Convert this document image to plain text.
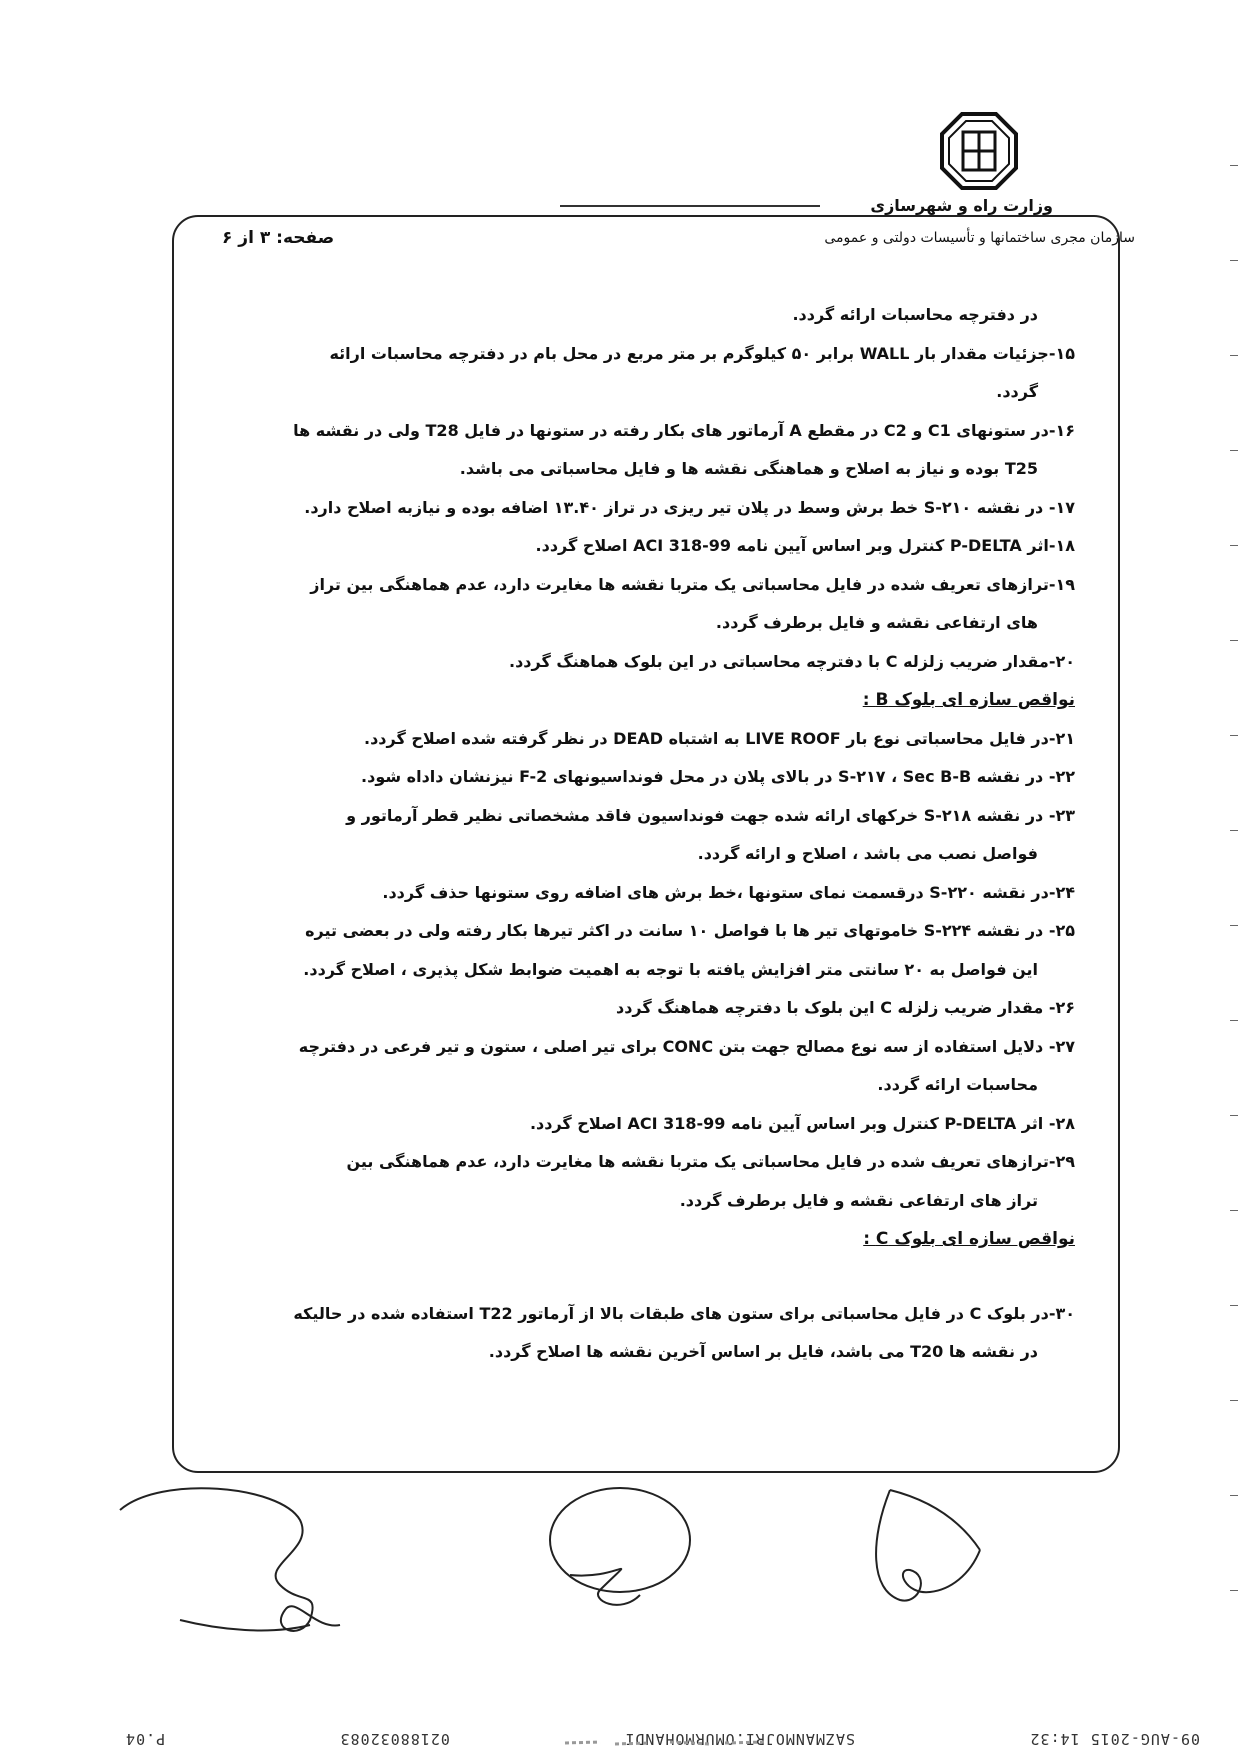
وزارت راه و شهرسازی
سازمان مجری ساختمانها و تأسیسات دولتی و عمومی
صفحه: ۳ از ۶

در دفترچه محاسبات ارائه گردد.

۱۵-جزئیات مقدار بار WALL برابر ۵۰ کیلوگرم بر متر مربع در محل بام در دفترچه محاسبات ارائه

گردد.

۱۶-در ستونهای C1 و C2 در مقطع A آرماتور های بکار رفته در ستونها در فایل T28 ولی در نقشه ها

T25 بوده و نیاز به اصلاح و هماهنگی نقشه ها و فایل محاسباتی می باشد.

۱۷- در نقشه S-۲۱۰ خط برش وسط در پلان تیر ریزی در تراز ۱۳.۴۰ اضافه بوده و نیازبه اصلاح دارد.

۱۸-اثر P-DELTA کنترل وبر اساس آیین نامه ACI 318-99 اصلاح گردد.

۱۹-ترازهای تعریف شده در فایل محاسباتی یک متربا نقشه ها مغایرت دارد، عدم هماهنگی بین تراز

های ارتفاعی نقشه و فایل برطرف گردد.

۲۰-مقدار ضریب زلزله C با دفترچه محاسباتی در این بلوک هماهنگ گردد.

نواقص سازه ای بلوک B :

۲۱-در فایل محاسباتی نوع بار LIVE ROOF به اشتباه DEAD در نظر گرفته شده اصلاح گردد.

۲۲- در نقشه S-۲۱۷ ، Sec B-B در بالای پلان در محل فونداسیونهای F-2 نیزنشان داداه شود.

۲۳- در نقشه S-۲۱۸ خرکهای ارائه شده جهت فونداسیون فاقد مشخصاتی نظیر قطر آرماتور و

فواصل نصب می باشد ، اصلاح و ارائه گردد.

۲۴-در نقشه S-۲۲۰ درقسمت نمای ستونها ،خط برش های اضافه روی ستونها حذف گردد.

۲۵- در نقشه S-۲۲۴ خاموتهای تیر ها با فواصل ۱۰ سانت در اکثر تیرها بکار رفته ولی در بعضی تیره

این فواصل به ۲۰ سانتی متر افزایش یافته با توجه به اهمیت ضوابط شکل پذیری ، اصلاح گردد.

۲۶- مقدار ضریب زلزله C این بلوک با دفترچه هماهنگ گردد

۲۷- دلایل استفاده از سه نوع مصالح جهت بتن CONC برای تیر اصلی ، ستون و تیر فرعی در دفترچه

محاسبات ارائه گردد.

۲۸- اثر P-DELTA کنترل وبر اساس آیین نامه ACI 318-99 اصلاح گردد.

۲۹-ترازهای تعریف شده در فایل محاسباتی یک متربا نقشه ها مغایرت دارد، عدم هماهنگی بین

تراز های ارتفاعی نقشه و فایل برطرف گردد.

نواقص سازه ای بلوک C :

۳۰-در بلوک C در فایل محاسباتی برای ستون های طبقات بالا از آرماتور T22 استفاده شده در حالیکه

در نقشه ها T20 می باشد، فایل بر اساس آخرین نقشه ها اصلاح گردد.

09-AUG-2015 14:32
SAZMANMOJRI.OMURMOHANDI
02188032083
P.04
